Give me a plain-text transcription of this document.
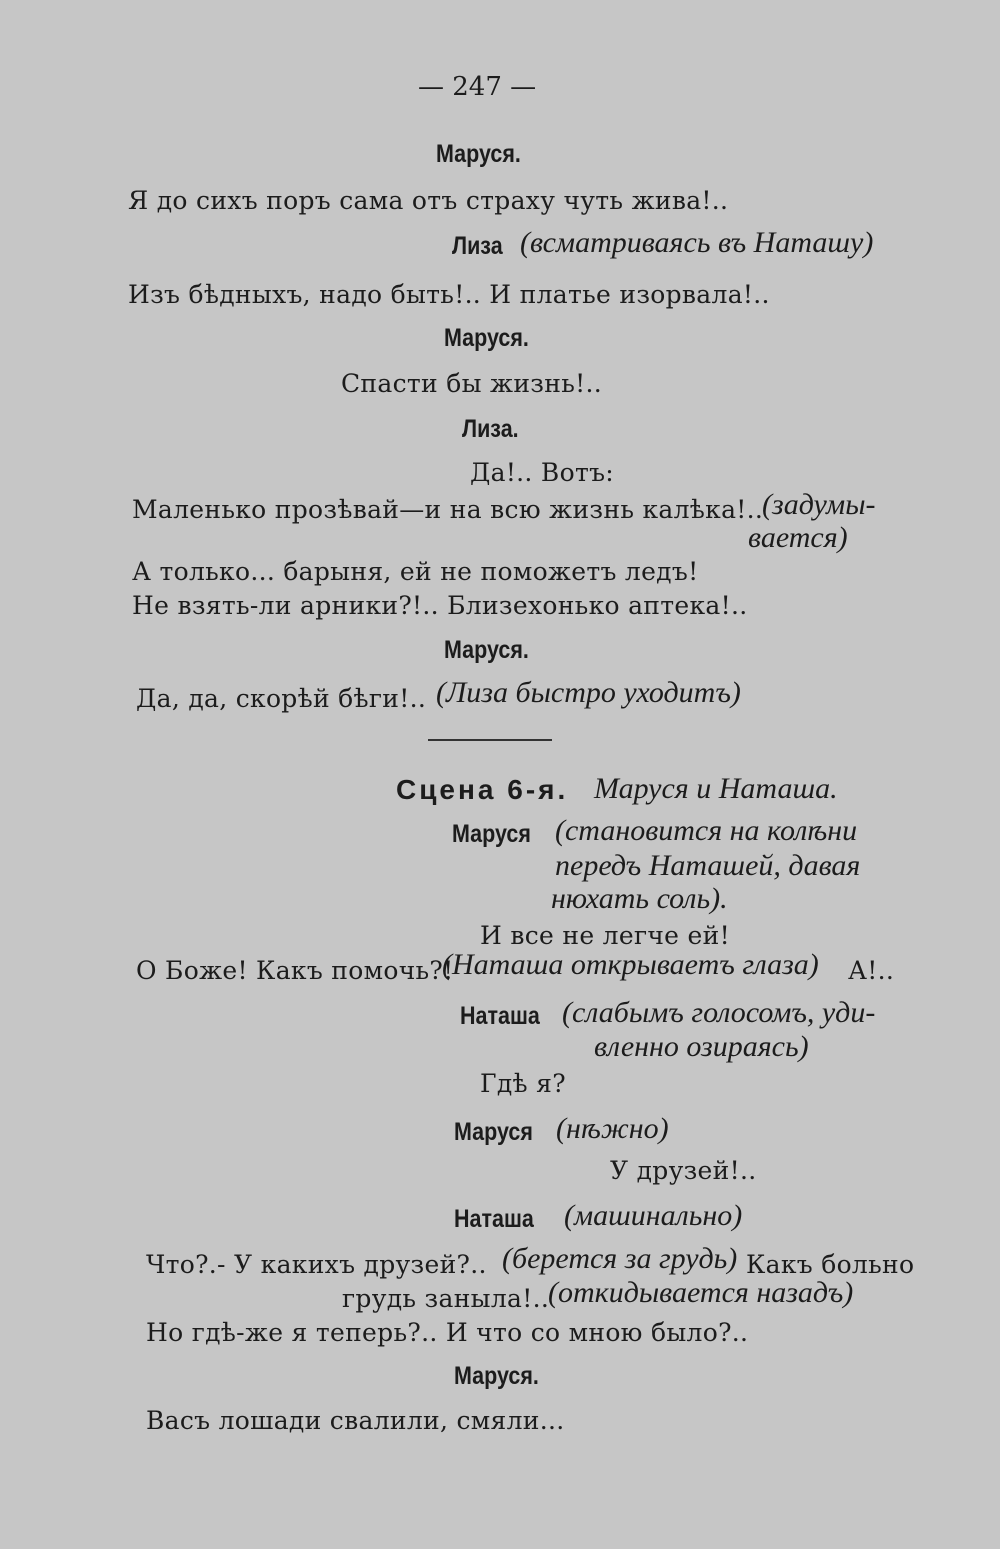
— 247 —
Маруся.
Я до сихъ поръ сама отъ страху чуть жива!..
Лиза (всматриваясь въ Наташу)
Изъ бѣдныхъ, надо быть!.. И платье изорвала!..
Маруся.
Спасти бы жизнь!..
Лиза.
Да!.. Вотъ:
Маленько прозѣвай—и на всю жизнь калѣка!..
(задумы-
вается)
А только... барыня, ей не поможетъ ледъ!
Не взять-ли арники?!.. Близехонько аптека!..
Маруся.
Да, да, скорѣй бѣги!.. (Лиза быстро уходитъ)
Сцена 6-я. Маруся и Наташа.
Маруся (становится на колѣни
передъ Наташей, давая
нюхать соль).
И все не легче ей!
О Боже! Какъ помочь?!
(Наташа открываетъ глаза) А!..
Наташа (слабымъ голосомъ, удu-
вленно озираясь)
Гдѣ я?
Маруся (нѣжно)
У друзей!..
Наташа (машинально)
Что?.- У какихъ друзей?.. (берется за грудь) Какъ больно
грудь заныла!..
(откидывается назадъ)
Но гдѣ-же я теперь?.. И что со мною было?..
Маруся.
Васъ лошади свалили, смяли...
